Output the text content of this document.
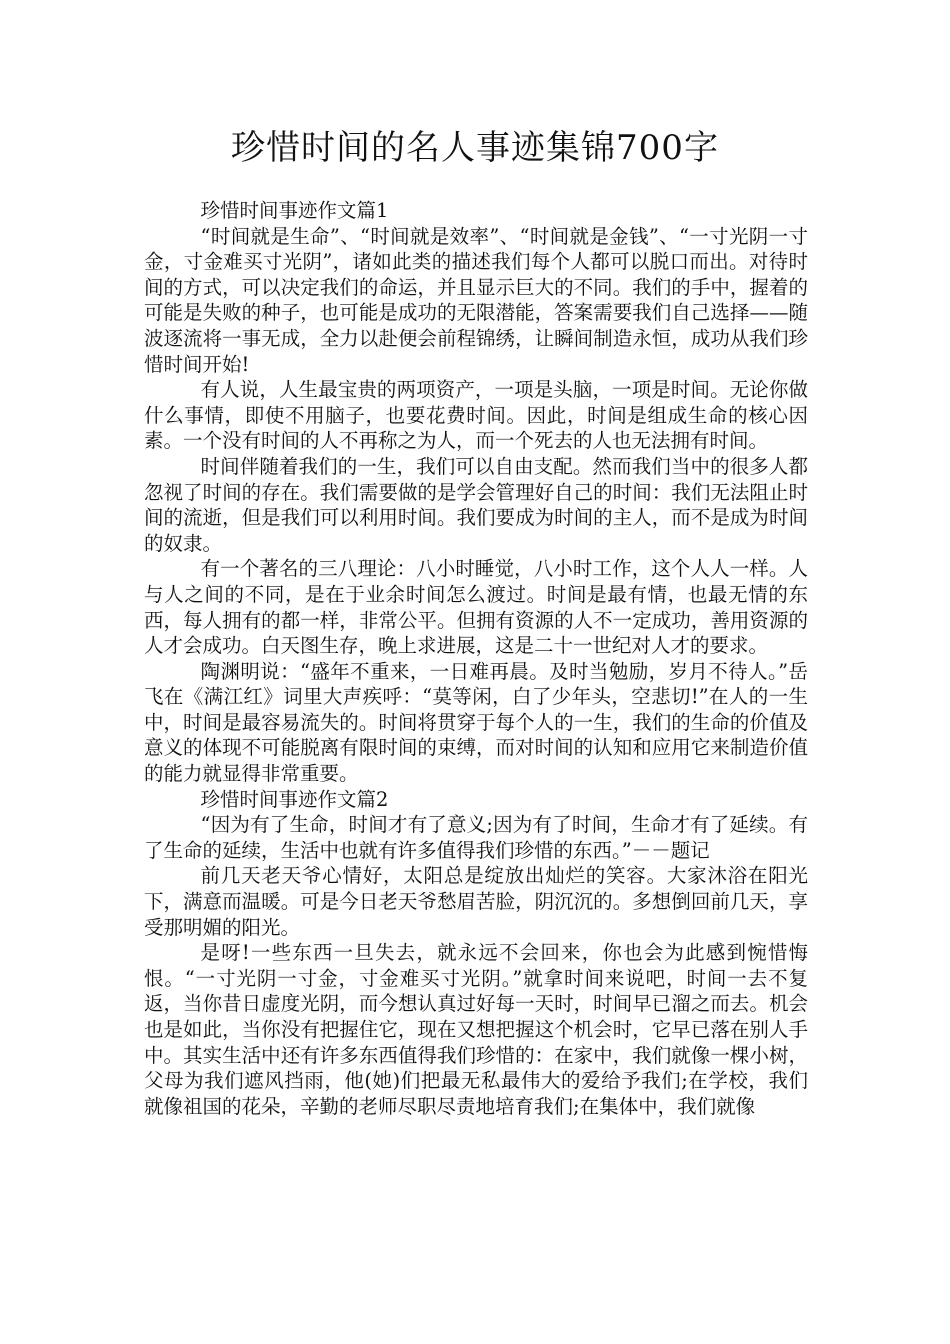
珍惜时间的名人事迹集锦700字

珍惜时间事迹作文篇1

“时间就是生命”、“时间就是效率”、“时间就是金钱”、“一寸光阴一寸金，寸金难买寸光阴”，诸如此类的描述我们每个人都可以脱口而出。对待时间的方式，可以决定我们的命运，并且显示巨大的不同。我们的手中，握着的可能是失败的种子，也可能是成功的无限潜能，答案需要我们自己选择——随波逐流将一事无成，全力以赴便会前程锦绣，让瞬间制造永恒，成功从我们珍惜时间开始!

有人说，人生最宝贵的两项资产，一项是头脑，一项是时间。无论你做什么事情，即使不用脑子，也要花费时间。因此，时间是组成生命的核心因素。一个没有时间的人不再称之为人，而一个死去的人也无法拥有时间。

时间伴随着我们的一生，我们可以自由支配。然而我们当中的很多人都忽视了时间的存在。我们需要做的是学会管理好自己的时间：我们无法阻止时间的流逝，但是我们可以利用时间。我们要成为时间的主人，而不是成为时间的奴隶。

有一个著名的三八理论：八小时睡觉，八小时工作，这个人人一样。人与人之间的不同，是在于业余时间怎么渡过。时间是最有情，也最无情的东西，每人拥有的都一样，非常公平。但拥有资源的人不一定成功，善用资源的人才会成功。白天图生存，晚上求进展，这是二十一世纪对人才的要求。

陶渊明说：“盛年不重来，一日难再晨。及时当勉励，岁月不待人。”岳飞在《满江红》词里大声疾呼：“莫等闲，白了少年头，空悲切!”在人的一生中，时间是最容易流失的。时间将贯穿于每个人的一生，我们的生命的价值及意义的体现不可能脱离有限时间的束缚，而对时间的认知和应用它来制造价值的能力就显得非常重要。

珍惜时间事迹作文篇2

“因为有了生命，时间才有了意义;因为有了时间，生命才有了延续。有了生命的延续，生活中也就有许多值得我们珍惜的东西。”－－题记

前几天老天爷心情好，太阳总是绽放出灿烂的笑容。大家沐浴在阳光下，满意而温暖。可是今日老天爷愁眉苦脸，阴沉沉的。多想倒回前几天，享受那明媚的阳光。

是呀!一些东西一旦失去，就永远不会回来，你也会为此感到惋惜悔恨。“一寸光阴一寸金，寸金难买寸光阴。”就拿时间来说吧，时间一去不复返，当你昔日虚度光阴，而今想认真过好每一天时，时间早已溜之而去。机会也是如此，当你没有把握住它，现在又想把握这个机会时，它早已落在别人手中。其实生活中还有许多东西值得我们珍惜的：在家中，我们就像一棵小树，父母为我们遮风挡雨，他(她)们把最无私最伟大的爱给予我们;在学校，我们就像祖国的花朵，辛勤的老师尽职尽责地培育我们;在集体中，我们就像
